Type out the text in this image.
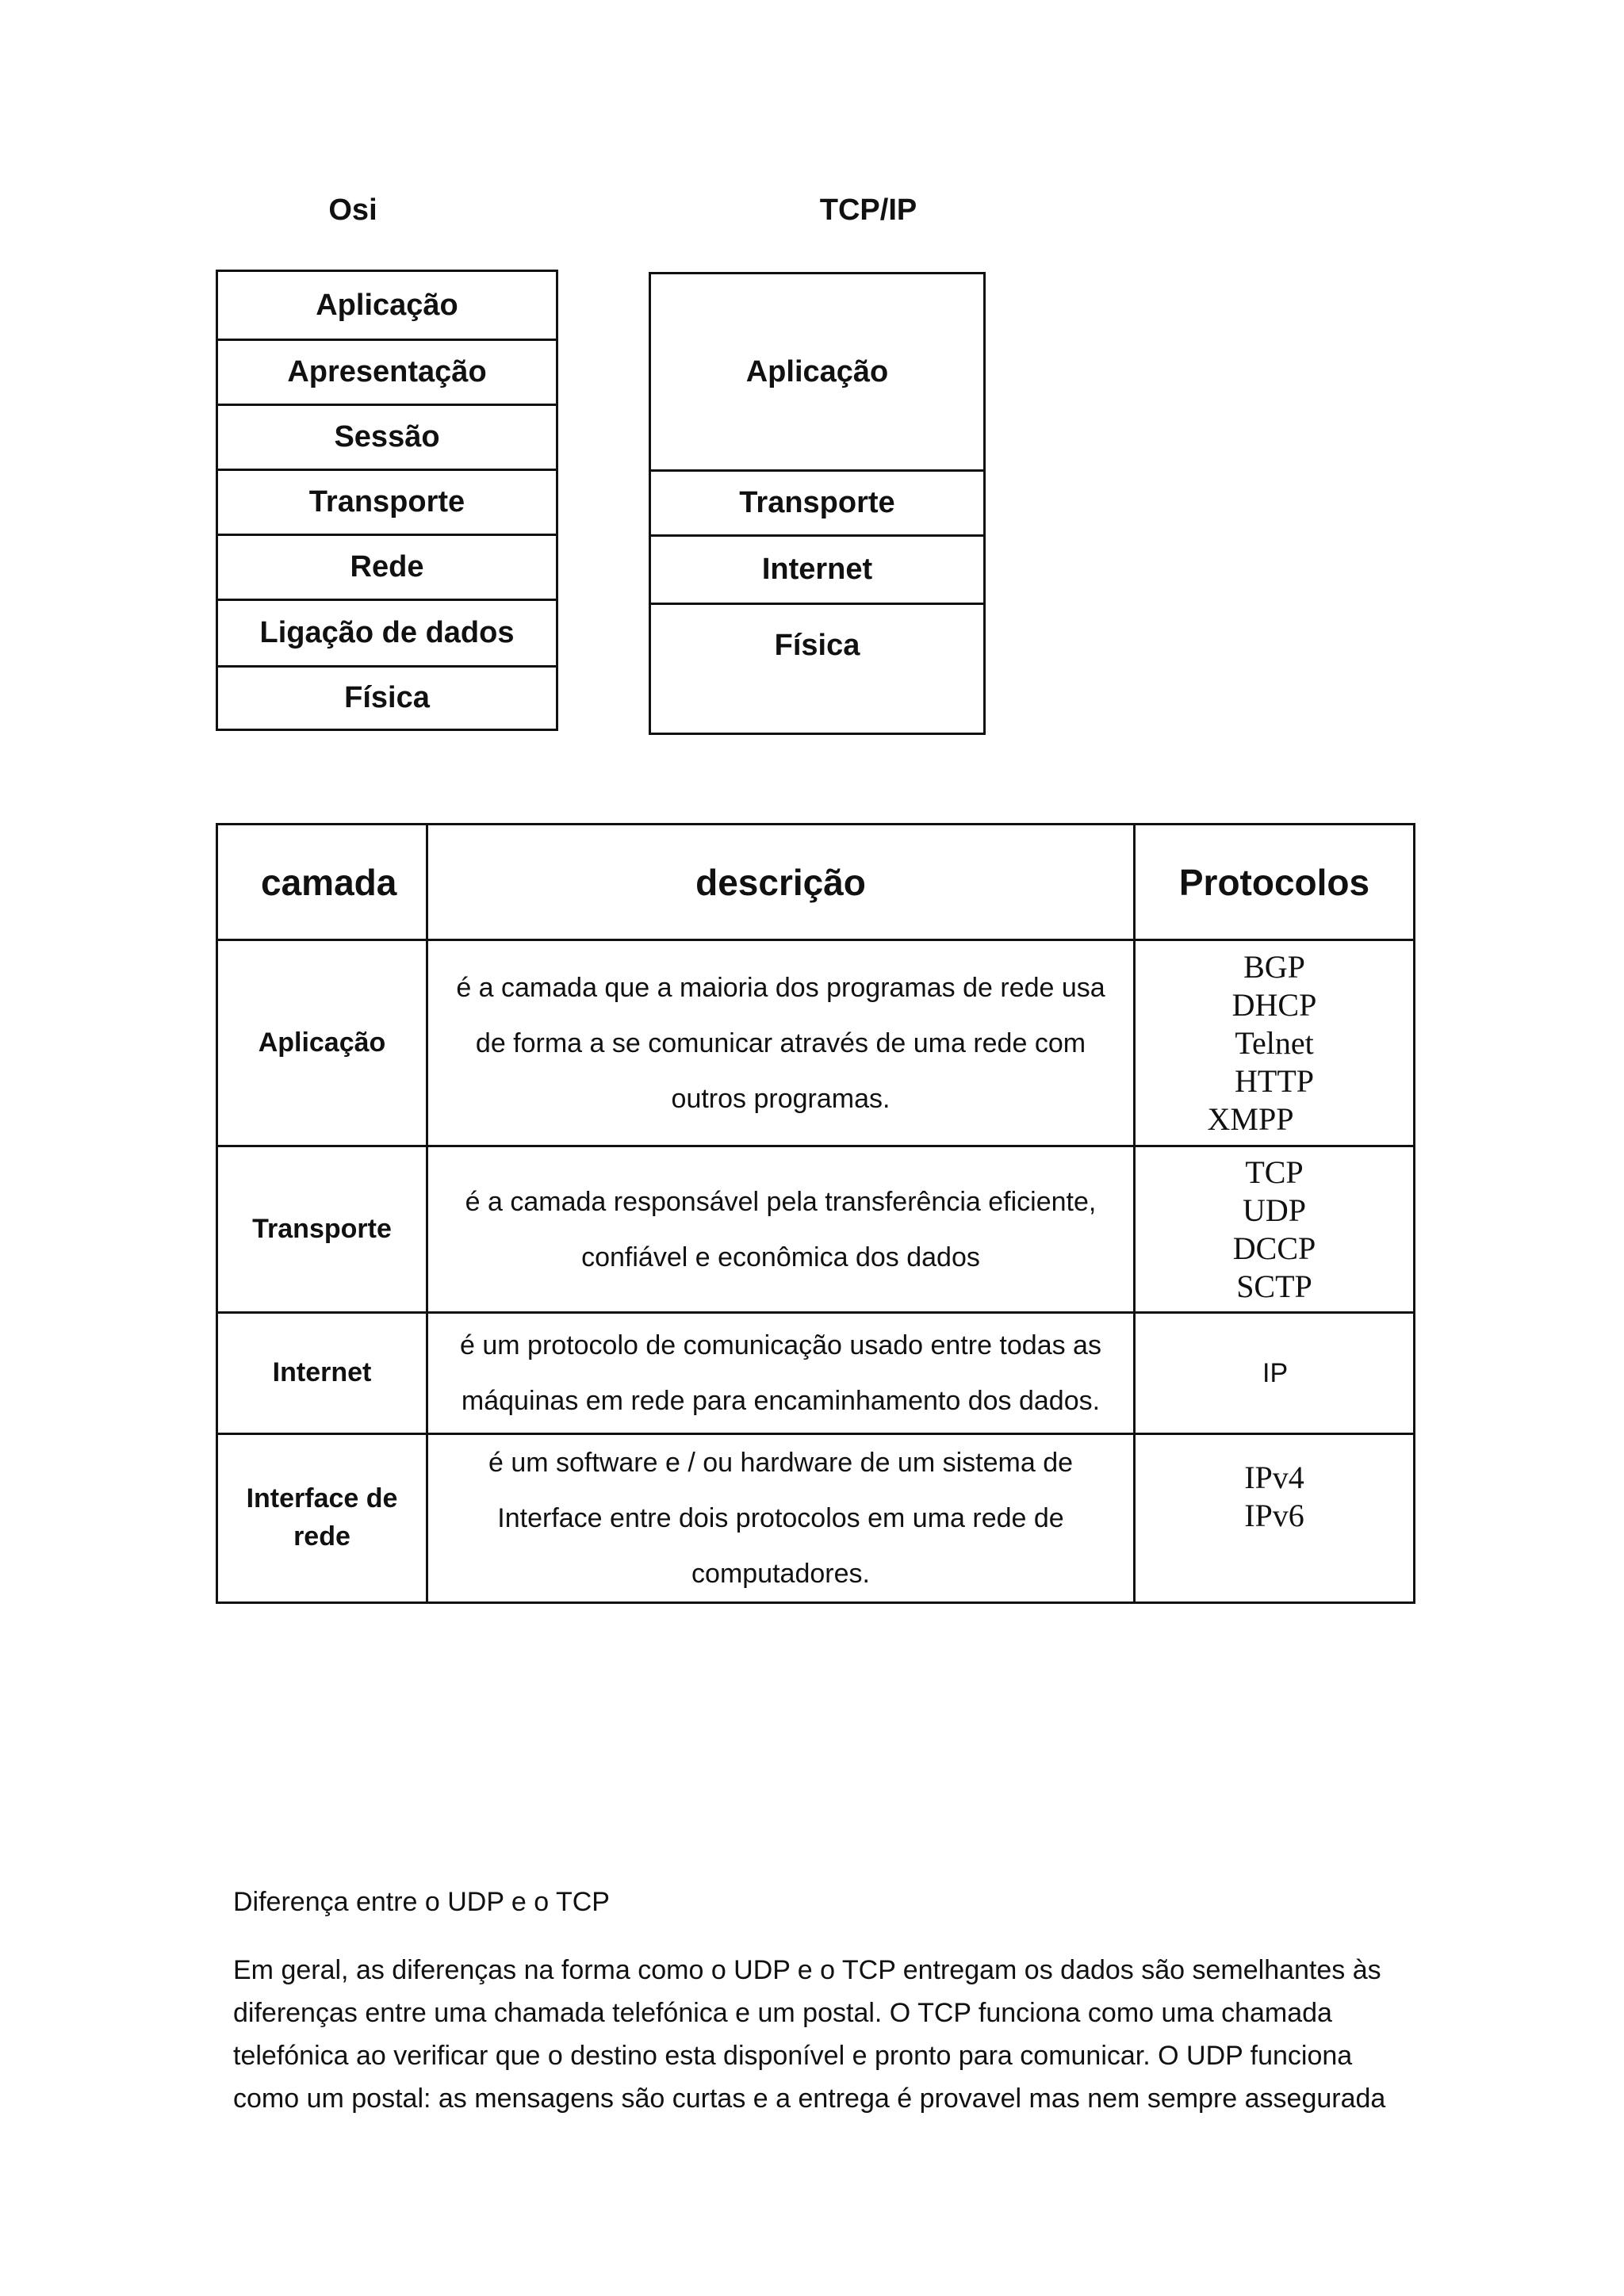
Osi
Aplicação
Apresentação
Sessão
Transporte
Rede
Ligação de dados
Física
TCP/IP
Aplicação
Transporte
Internet
Física
camada	descrição	Protocolos
Aplicação	é a camada que a maioria dos programas de rede usa de forma a se comunicar através de uma rede com outros programas.	BGP
DHCP
Telnet
HTTP
XMPP

Transporte	é a camada responsável pela transferência eficiente, confiável e econômica dos dados	TCP
UDP
DCCP
SCTP

Internet	é um protocolo de comunicação usado entre todas as máquinas em rede para encaminhamento dos dados.	IP

Interface de rede	é um software e / ou hardware de um sistema de Interface entre dois protocolos em uma rede de computadores.	IPv4
IPv6
Diferença entre o UDP e o TCP
Em geral, as diferenças na forma como o UDP e o TCP entregam os dados são semelhantes às diferenças entre uma chamada telefónica e um postal. O TCP funciona como uma chamada telefónica ao verificar que o destino esta disponível e pronto para comunicar. O UDP funciona como um postal: as mensagens são curtas e a entrega é provavel mas nem sempre assegurada
